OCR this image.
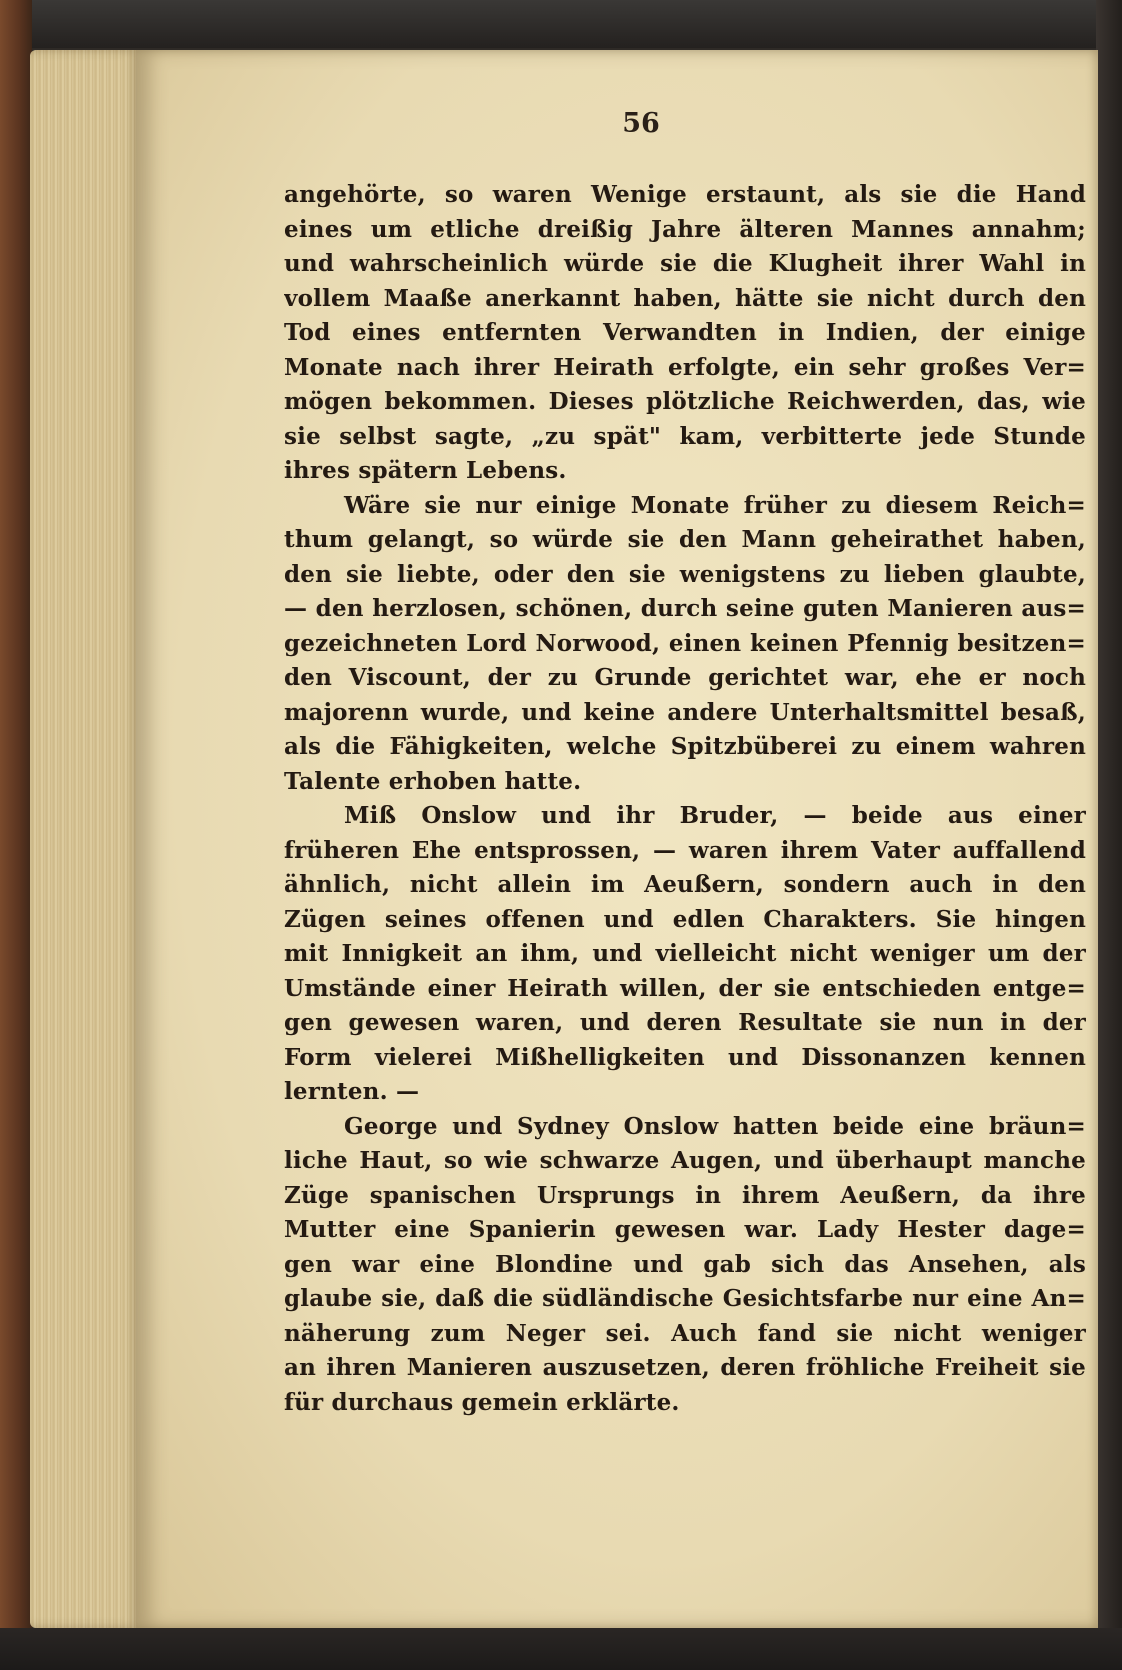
56
angehörte, so waren Wenige erstaunt, als sie die Hand
eines um etliche dreißig Jahre älteren Mannes annahm;
und wahrscheinlich würde sie die Klugheit ihrer Wahl in
vollem Maaße anerkannt haben, hätte sie nicht durch den
Tod eines entfernten Verwandten in Indien, der einige
Monate nach ihrer Heirath erfolgte, ein sehr großes Ver=
mögen bekommen. Dieses plötzliche Reichwerden, das, wie
sie selbst sagte, „zu spät" kam, verbitterte jede Stunde
ihres spätern Lebens.
Wäre sie nur einige Monate früher zu diesem Reich=
thum gelangt, so würde sie den Mann geheirathet haben,
den sie liebte, oder den sie wenigstens zu lieben glaubte,
— den herzlosen, schönen, durch seine guten Manieren aus=
gezeichneten Lord Norwood, einen keinen Pfennig besitzen=
den Viscount, der zu Grunde gerichtet war, ehe er noch
majorenn wurde, und keine andere Unterhaltsmittel besaß,
als die Fähigkeiten, welche Spitzbüberei zu einem wahren
Talente erhoben hatte.
Miß Onslow und ihr Bruder, — beide aus einer
früheren Ehe entsprossen, — waren ihrem Vater auffallend
ähnlich, nicht allein im Aeußern, sondern auch in den
Zügen seines offenen und edlen Charakters. Sie hingen
mit Innigkeit an ihm, und vielleicht nicht weniger um der
Umstände einer Heirath willen, der sie entschieden entge=
gen gewesen waren, und deren Resultate sie nun in der
Form vielerei Mißhelligkeiten und Dissonanzen kennen
lernten. —
George und Sydney Onslow hatten beide eine bräun=
liche Haut, so wie schwarze Augen, und überhaupt manche
Züge spanischen Ursprungs in ihrem Aeußern, da ihre
Mutter eine Spanierin gewesen war. Lady Hester dage=
gen war eine Blondine und gab sich das Ansehen, als
glaube sie, daß die südländische Gesichtsfarbe nur eine An=
näherung zum Neger sei. Auch fand sie nicht weniger
an ihren Manieren auszusetzen, deren fröhliche Freiheit sie
für durchaus gemein erklärte.
